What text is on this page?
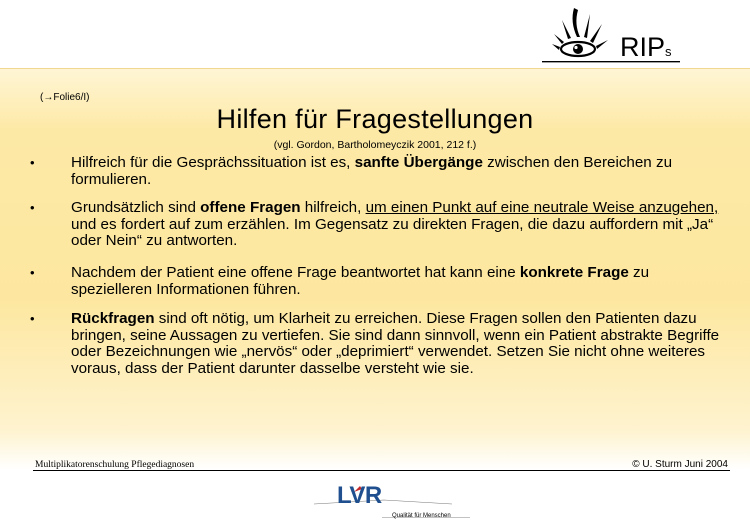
RIPs
(→Folie6/I)
Hilfen für Fragestellungen
(vgl. Gordon, Bartholomeyczik 2001, 212 f.)
• Hilfreich für die Gesprächssituation ist es, sanfte Übergänge zwischen den Bereichen zu formulieren.
• Grundsätzlich sind offene Fragen hilfreich, um einen Punkt auf eine neutrale Weise anzugehen, und es fordert auf zum erzählen. Im Gegensatz zu direkten Fragen, die dazu auffordern mit „Ja“ oder Nein“ zu antworten.
• Nachdem der Patient eine offene Frage beantwortet hat kann eine konkrete Frage zu spezielleren Informationen führen.
• Rückfragen sind oft nötig, um Klarheit zu erreichen. Diese Fragen sollen den Patienten dazu bringen, seine Aussagen zu vertiefen. Sie sind dann sinnvoll, wenn ein Patient abstrakte Begriffe oder Bezeichnungen wie „nervös“ oder „deprimiert“ verwendet. Setzen Sie nicht ohne weiteres voraus, dass der Patient darunter dasselbe versteht wie sie.
Multiplikatorenschulung Pflegediagnosen	© U. Sturm Juni 2004
LVR
Qualität für Menschen
